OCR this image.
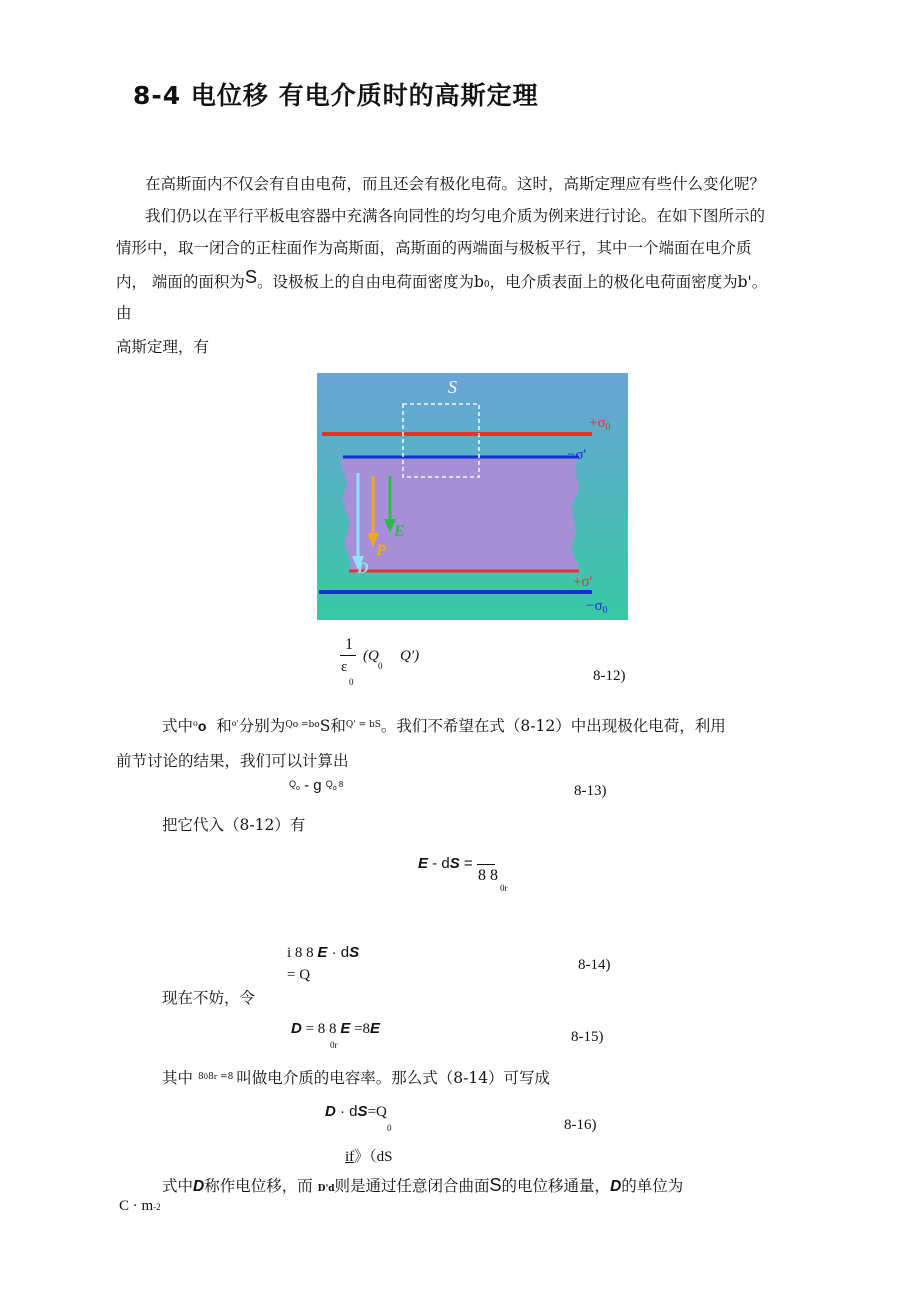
8-4 电位移 有电介质时的高斯定理
在高斯面内不仅会有自由电荷，而且还会有极化电荷。这时，高斯定理应有些什么变化呢？
我们仍以在平行平板电容器中充满各向同性的均匀电介质为例来进行讨论。在如下图所示的
情形中，取一闭合的正柱面作为高斯面，高斯面的两端面与极板平行，其中一个端面在电介质
内， 端面的面积为S。设极板上的自由电荷面密度为b0，电介质表面上的极化电荷面密度为b'。
由
高斯定理，有
S
$+\sigma_0$
−σ'
+σ'
$-\sigma_0$
E
P
D
1
(Q
0
Q′)
ε
0	8-12)
式中$^o$o 和$^{o'}$分别为$^{Qo =bo}$S和$^{Q' = bS}$。我们不希望在式（8-12）中出现极化电荷，利用
前节讨论的结果，我们可以计算出
$^Q$o - g $^Q$o $^8$	8-13)
把它代入（8-12）有
E - dS =
8 8
0r
i 8 8 E · dS
= Q
8-14)
现在不妨，令
D = 8 8 E =8E
0r	8-15)
其中 $^{808r =8}$ 叫做电介质的电容率。那么式（8-14）可写成
D · dS=Q
0	8-16)
if》（dS
式中D称作电位移，而 D'd则是通过任意闭合曲面S的电位移通量，D的单位为
C · m-2
